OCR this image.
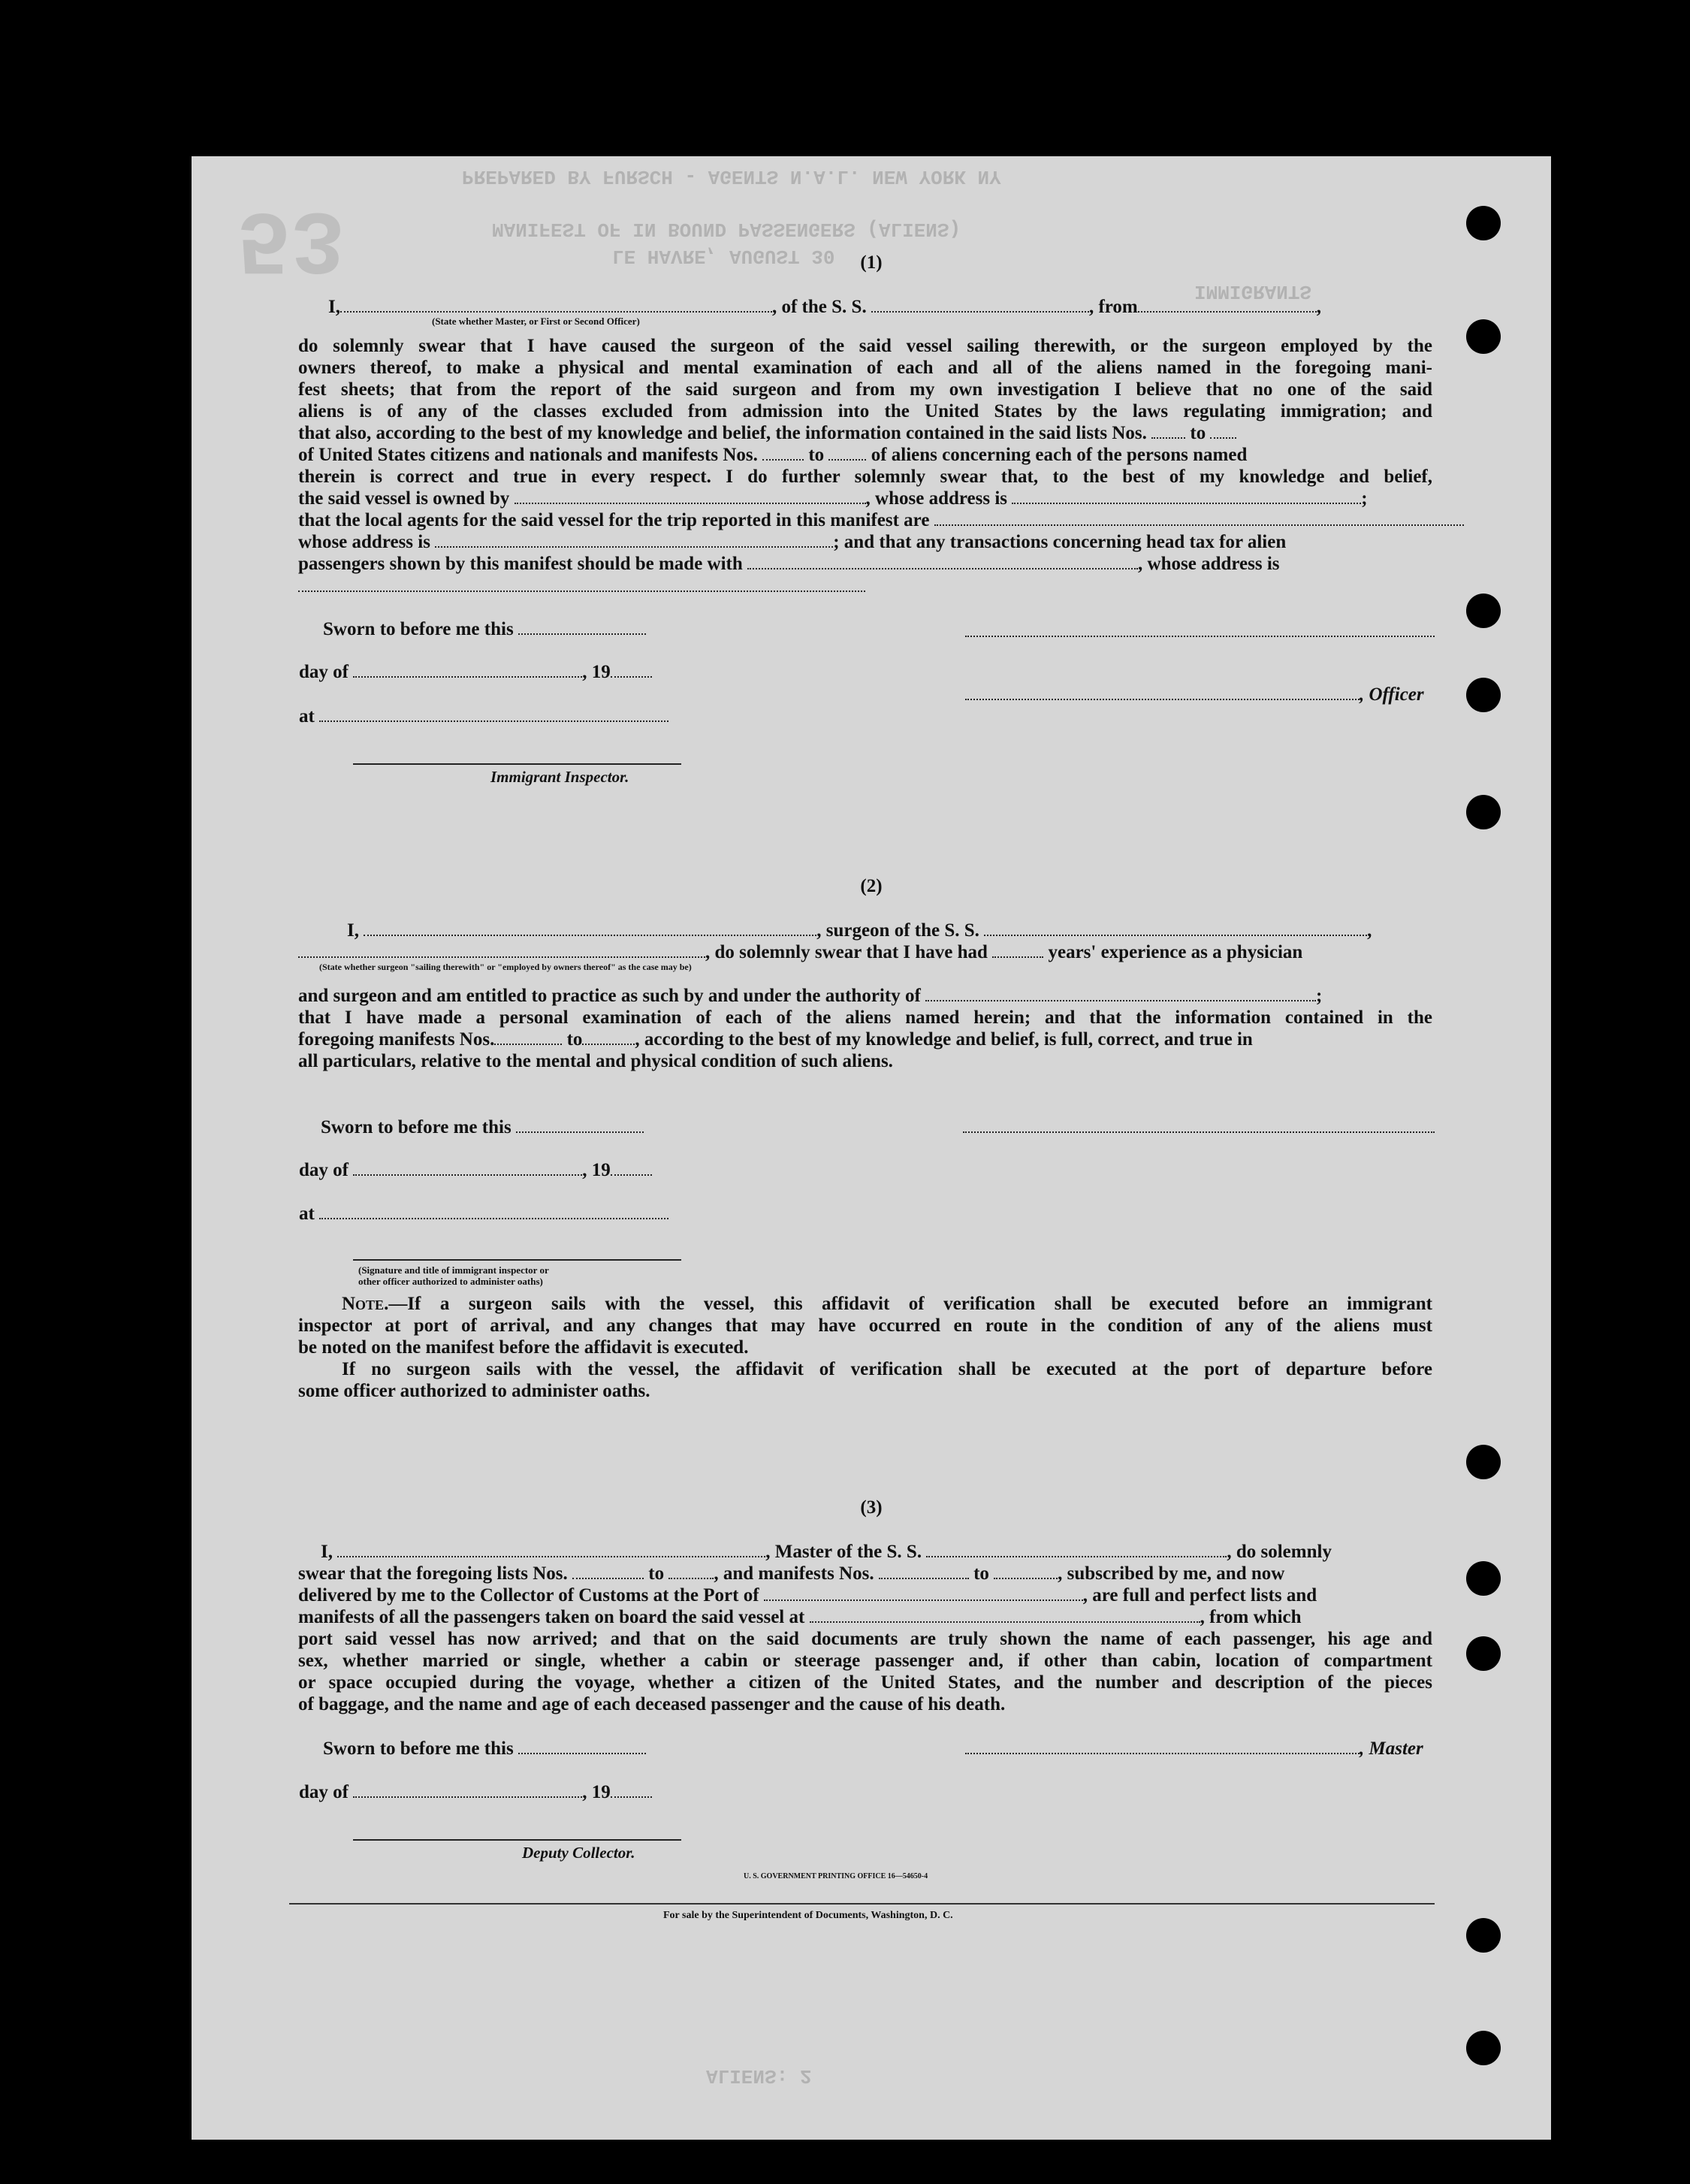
PREPARED BY FURSCH - AGENTS N.A.L. NEW YORK NY
MANIFEST OF IN BOUND PASSENGERS (ALIENS)
LE HAVRE, AUGUST 30
IMMIGRANTS
ALIENS: 2
53	(1)
I,	, of the S. S.	, from	,
(State whether Master, or First or Second Officer)
do solemnly swear that I have caused the surgeon of the said vessel sailing therewith, or the surgeon employed by the
owners thereof, to make a physical and mental examination of each and all of the aliens named in the foregoing mani-
fest sheets; that from the report of the said surgeon and from my own investigation I believe that no one of the said
aliens is of any of the classes excluded from admission into the United States by the laws regulating immigration; and
that also, according to the best of my knowledge and belief, the information contained in the said lists Nos. to
of United States citizens and nationals and manifests Nos.	to	of aliens concerning each of the persons named
therein is correct and true in every respect. I do further solemnly swear that, to the best of my knowledge and belief,
the said vessel is owned by	, whose address is	;
that the local agents for the said vessel for the trip reported in this manifest are
whose address is	; and that any transactions concerning head tax for alien
passengers shown by this manifest should be made with	, whose address is
Sworn to before me this
day of	, 19
, Officer
at
Immigrant Inspector.
(2)
I,	, surgeon of the S. S.	,
, do solemnly swear that I have had	years' experience as a physician
(State whether surgeon "sailing therewith" or "employed by owners thereof" as the case may be)
and surgeon and am entitled to practice as such by and under the authority of	;
that I have made a personal examination of each of the aliens named herein; and that the information contained in the
foregoing manifests Nos.	to	, according to the best of my knowledge and belief, is full, correct, and true in
all particulars, relative to the mental and physical condition of such aliens.
Sworn to before me this
day of	, 19
at
(Signature and title of immigrant inspector or
other officer authorized to administer oaths)
Note.—If a surgeon sails with the vessel, this affidavit of verification shall be executed before an immigrant
inspector at port of arrival, and any changes that may have occurred en route in the condition of any of the aliens must
be noted on the manifest before the affidavit is executed.
If no surgeon sails with the vessel, the affidavit of verification shall be executed at the port of departure before
some officer authorized to administer oaths.
(3)
I,	, Master of the S. S.	, do solemnly
swear that the foregoing lists Nos.	to	, and manifests Nos.	to	, subscribed by me, and now
delivered by me to the Collector of Customs at the Port of	, are full and perfect lists and
manifests of all the passengers taken on board the said vessel at	, from which
port said vessel has now arrived; and that on the said documents are truly shown the name of each passenger, his age and
sex, whether married or single, whether a cabin or steerage passenger and, if other than cabin, location of compartment
or space occupied during the voyage, whether a citizen of the United States, and the number and description of the pieces
of baggage, and the name and age of each deceased passenger and the cause of his death.
Sworn to before me this	, Master
day of	, 19
Deputy Collector.
U. S. GOVERNMENT PRINTING OFFICE 16—54650-4
For sale by the Superintendent of Documents, Washington, D. C.
